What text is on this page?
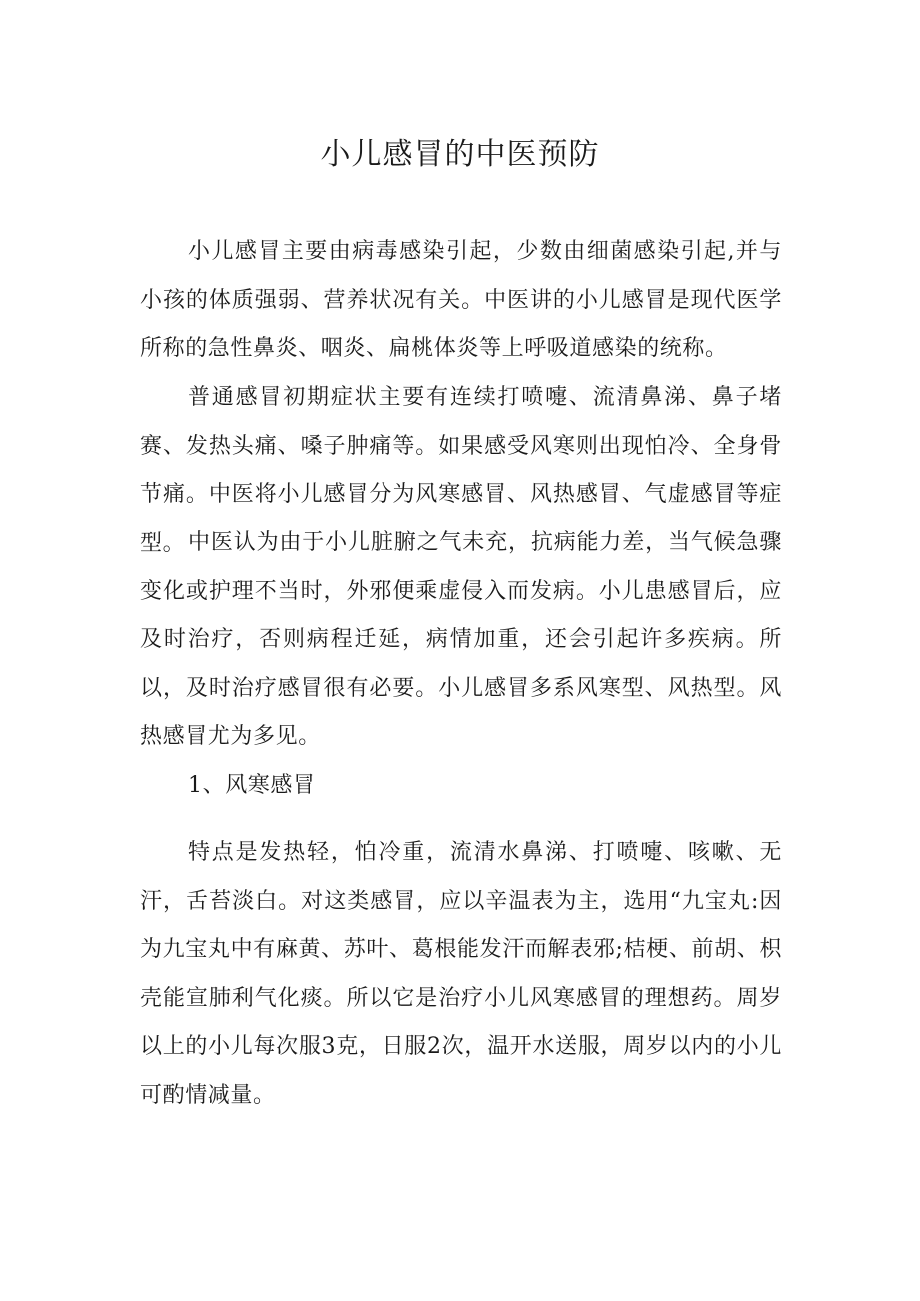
小儿感冒的中医预防

小儿感冒主要由病毒感染引起，少数由细菌感染引起,并与小孩的体质强弱、营养状况有关。中医讲的小儿感冒是现代医学所称的急性鼻炎、咽炎、扁桃体炎等上呼吸道感染的统称。

普通感冒初期症状主要有连续打喷嚏、流清鼻涕、鼻子堵赛、发热头痛、嗓子肿痛等。如果感受风寒则出现怕冷、全身骨节痛。中医将小儿感冒分为风寒感冒、风热感冒、气虚感冒等症型。 中医认为由于小儿脏腑之气未充，抗病能力差，当气候急骤变化或护理不当时，外邪便乘虚侵入而发病。小儿患感冒后，应及时治疗，否则病程迁延，病情加重，还会引起许多疾病。所以，及时治疗感冒很有必要。小儿感冒多系风寒型、风热型。风热感冒尤为多见。

1、风寒感冒

特点是发热轻，怕冷重，流清水鼻涕、打喷嚏、咳嗽、无汗，舌苔淡白。对这类感冒，应以辛温表为主，选用“九宝丸:因为九宝丸中有麻黄、苏叶、葛根能发汗而解表邪;桔梗、前胡、枳壳能宣肺利气化痰。所以它是治疗小儿风寒感冒的理想药。周岁以上的小儿每次服3克，日服2次，温开水送服，周岁以内的小儿可酌情减量。
